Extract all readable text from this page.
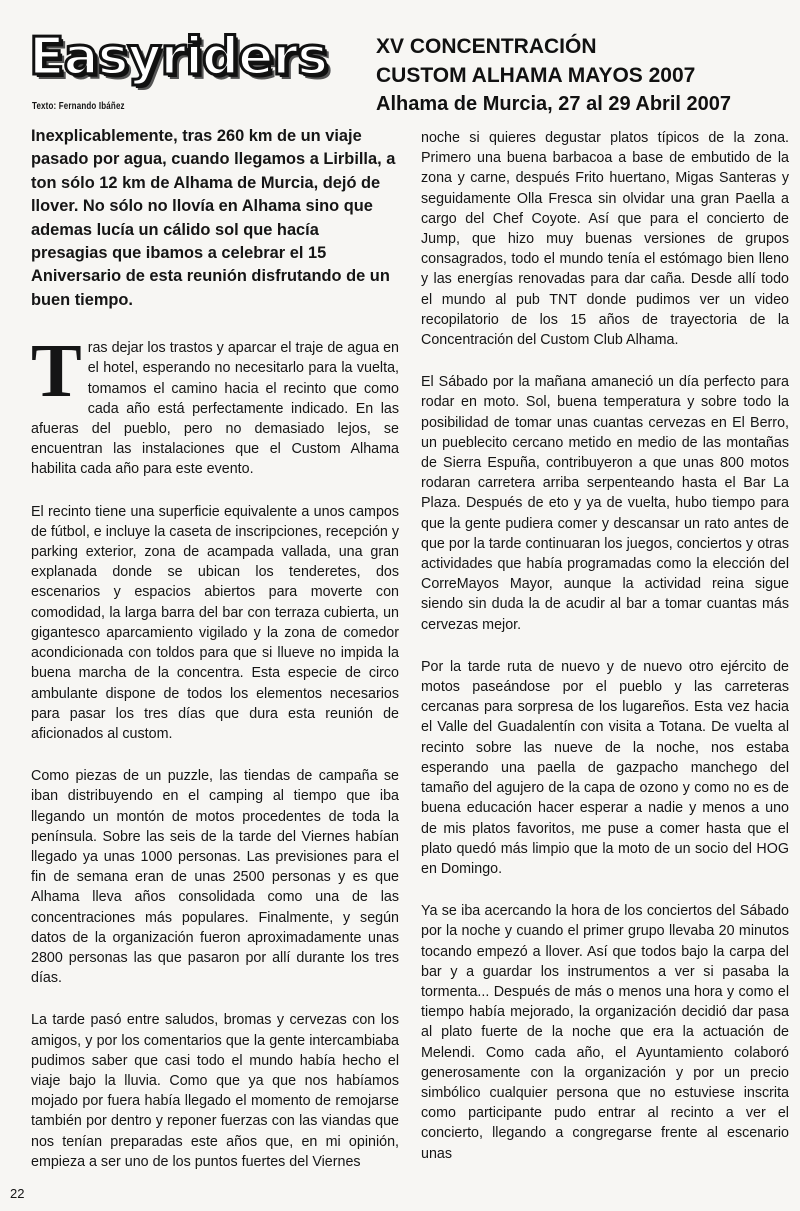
Easyriders
Texto: Fernando Ibáñez
XV CONCENTRACIÓN
CUSTOM ALHAMA MAYOS 2007
Alhama de Murcia, 27 al 29 Abril 2007
Inexplicablemente, tras 260 km de un viaje pasado por agua, cuando llegamos a Lirbilla, a ton sólo 12 km de Alhama de Murcia, dejó de llover. No sólo no llovía en Alhama sino que ademas lucía un cálido sol que hacía presagias que ibamos a celebrar el 15 Aniversario de esta reunión disfrutando de un buen tiempo.

Tras dejar los trastos y aparcar el traje de agua en el hotel, esperando no necesitarlo para la vuelta, tomamos el camino hacia el recinto que como cada año está perfectamente indicado. En las afueras del pueblo, pero no demasiado lejos, se encuentran las instalaciones que el Custom Alhama habilita cada año para este evento.

El recinto tiene una superficie equivalente a unos campos de fútbol, e incluye la caseta de inscripciones, recepción y parking exterior, zona de acampada vallada, una gran explanada donde se ubican los tenderetes, dos escenarios y espacios abiertos para moverte con comodidad, la larga barra del bar con terraza cubierta, un gigantesco aparcamiento vigilado y la zona de comedor acondicionada con toldos para que si llueve no impida la buena marcha de la concentra. Esta especie de circo ambulante dispone de todos los elementos necesarios para pasar los tres días que dura esta reunión de aficionados al custom.

Como piezas de un puzzle, las tiendas de campaña se iban distribuyendo en el camping al tiempo que iba llegando un montón de motos procedentes de toda la península. Sobre las seis de la tarde del Viernes habían llegado ya unas 1000 personas. Las previsiones para el fin de semana eran de unas 2500 personas y es que Alhama lleva años consolidada como una de las concentraciones más populares. Finalmente, y según datos de la organización fueron aproximadamente unas 2800 personas las que pasaron por allí durante los tres días.

La tarde pasó entre saludos, bromas y cervezas con los amigos, y por los comentarios que la gente intercambiaba pudimos saber que casi todo el mundo había hecho el viaje bajo la lluvia. Como que ya que nos habíamos mojado por fuera había llegado el momento de remojarse también por dentro y reponer fuerzas con las viandas que nos tenían preparadas este años que, en mi opinión, empieza a ser uno de los puntos fuertes del Viernes

noche si quieres degustar platos típicos de la zona. Primero una buena barbacoa a base de embutido de la zona y carne, después Frito huertano, Migas Santeras y seguidamente Olla Fresca sin olvidar una gran Paella a cargo del Chef Coyote. Así que para el concierto de Jump, que hizo muy buenas versiones de grupos consagrados, todo el mundo tenía el estómago bien lleno y las energías renovadas para dar caña. Desde allí todo el mundo al pub TNT donde pudimos ver un video recopilatorio de los 15 años de trayectoria de la Concentración del Custom Club Alhama.

El Sábado por la mañana amaneció un día perfecto para rodar en moto. Sol, buena temperatura y sobre todo la posibilidad de tomar unas cuantas cervezas en El Berro, un pueblecito cercano metido en medio de las montañas de Sierra Espuña, contribuyeron a que unas 800 motos rodaran carretera arriba serpenteando hasta el Bar La Plaza. Después de eto y ya de vuelta, hubo tiempo para que la gente pudiera comer y descansar un rato antes de que por la tarde continuaran los juegos, conciertos y otras actividades que había programadas como la elección del CorreMayos Mayor, aunque la actividad reina sigue siendo sin duda la de acudir al bar a tomar cuantas más cervezas mejor.

Por la tarde ruta de nuevo y de nuevo otro ejército de motos paseándose por el pueblo y las carreteras cercanas para sorpresa de los lugareños. Esta vez hacia el Valle del Guadalentín con visita a Totana. De vuelta al recinto sobre las nueve de la noche, nos estaba esperando una paella de gazpacho manchego del tamaño del agujero de la capa de ozono y como no es de buena educación hacer esperar a nadie y menos a uno de mis platos favoritos, me puse a comer hasta que el plato quedó más limpio que la moto de un socio del HOG en Domingo.

Ya se iba acercando la hora de los conciertos del Sábado por la noche y cuando el primer grupo llevaba 20 minutos tocando empezó a llover. Así que todos bajo la carpa del bar y a guardar los instrumentos a ver si pasaba la tormenta... Después de más o menos una hora y como el tiempo había mejorado, la organización decidió dar pasa al plato fuerte de la noche que era la actuación de Melendi. Como cada año, el Ayuntamiento colaboró generosamente con la organización y por un precio simbólico cualquier persona que no estuviese inscrita como participante pudo entrar al recinto a ver el concierto, llegando a congregarse frente al escenario unas

22
